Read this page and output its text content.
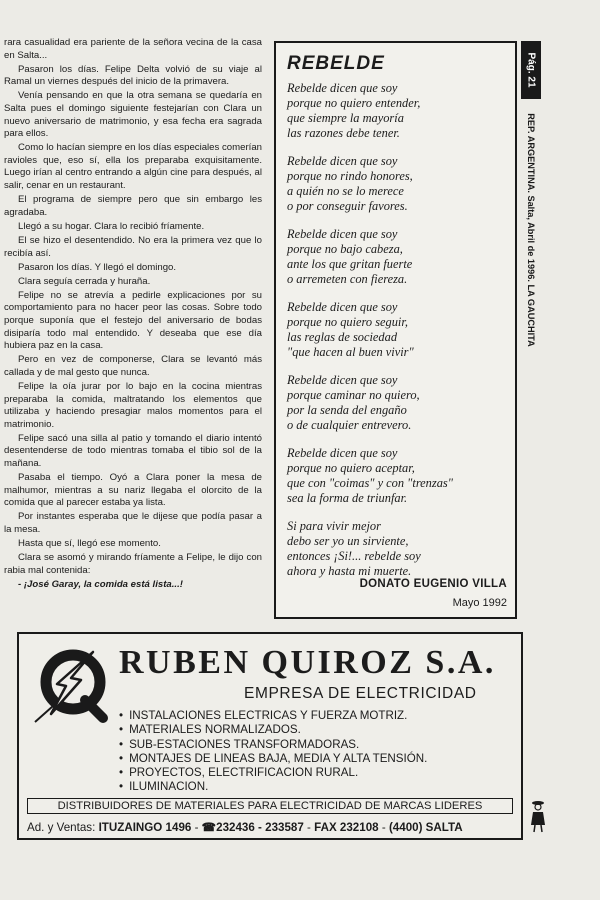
rara casualidad era pariente de la señora vecina de la casa en Salta...

Pasaron los días. Felipe Delta volvió de su viaje al Ramal un viernes después del inicio de la primavera.

Venía pensando en que la otra semana se quedaría en Salta pues el domingo siguiente festejarían con Clara un nuevo aniversario de matrimonio, y esa fecha era sagrada para ellos.

Como lo hacían siempre en los días especiales comerían ravioles que, eso sí, ella los preparaba exquisitamente. Luego irían al centro entrando a algún cine para después, al salir, cenar en un restaurant.

El programa de siempre pero que sin embargo les agradaba.

Llegó a su hogar. Clara lo recibió fríamente.

El se hizo el desentendido. No era la primera vez que lo recibía así.

Pasaron los días. Y llegó el domingo.

Clara seguía cerrada y huraña.

Felipe no se atrevía a pedirle explicaciones por su comportamiento para no hacer peor las cosas. Sobre todo porque suponía que el festejo del aniversario de bodas disiparía todo mal entendido. Y deseaba que ese día hubiera paz en la casa.

Pero en vez de componerse, Clara se levantó más callada y de mal gesto que nunca.

Felipe la oía jurar por lo bajo en la cocina mientras preparaba la comida, maltratando los elementos que utilizaba y haciendo presagiar malos momentos para el matrimonio.

Felipe sacó una silla al patio y tomando el diario intentó desentenderse de todo mientras tomaba el tibio sol de la mañana.

Pasaba el tiempo. Oyó a Clara poner la mesa de malhumor, mientras a su nariz llegaba el olorcito de la comida que al parecer estaba ya lista.

Por instantes esperaba que le dijese que podía pasar a la mesa.

Hasta que sí, llegó ese momento.

Clara se asomó y mirando fríamente a Felipe, le dijo con rabia mal contenida:

- ¡José Garay, la comida está lista...!

REBELDE
Rebelde dicen que soy
porque no quiero entender,
que siempre la mayoría
las razones debe tener.
Rebelde dicen que soy
porque no rindo honores,
a quién no se lo merece
o por conseguir favores.
Rebelde dicen que soy
porque no bajo cabeza,
ante los que gritan fuerte
o arremeten con fiereza.
Rebelde dicen que soy
porque no quiero seguir,
las reglas de sociedad
"que hacen al buen vivir"
Rebelde dicen que soy
porque caminar no quiero,
por la senda del engaño
o de cualquier entrevero.
Rebelde dicen que soy
porque no quiero aceptar,
que con "coimas" y con "trenzas"
sea la forma de triunfar.
Si para vivir mejor
debo ser yo un sirviente,
entonces ¡Si!... rebelde soy
ahora y hasta mi muerte.
DONATO EUGENIO VILLA
Mayo 1992
Pág. 21
REP. ARGENTINA. Salta, Abril de 1996. LA GAUCHITA
RUBEN QUIROZ S.A.
EMPRESA DE ELECTRICIDAD
• INSTALACIONES ELECTRICAS Y FUERZA MOTRIZ.
• MATERIALES NORMALIZADOS.
• SUB-ESTACIONES TRANSFORMADORAS.
• MONTAJES DE LINEAS BAJA, MEDIA Y ALTA TENSIÓN.
• PROYECTOS, ELECTRIFICACION RURAL.
• ILUMINACION.
DISTRIBUIDORES DE MATERIALES PARA ELECTRICIDAD DE MARCAS LIDERES
Ad. y Ventas: ITUZAINGO 1496 - ☎232436 - 233587 - FAX 232108 - (4400) SALTA
